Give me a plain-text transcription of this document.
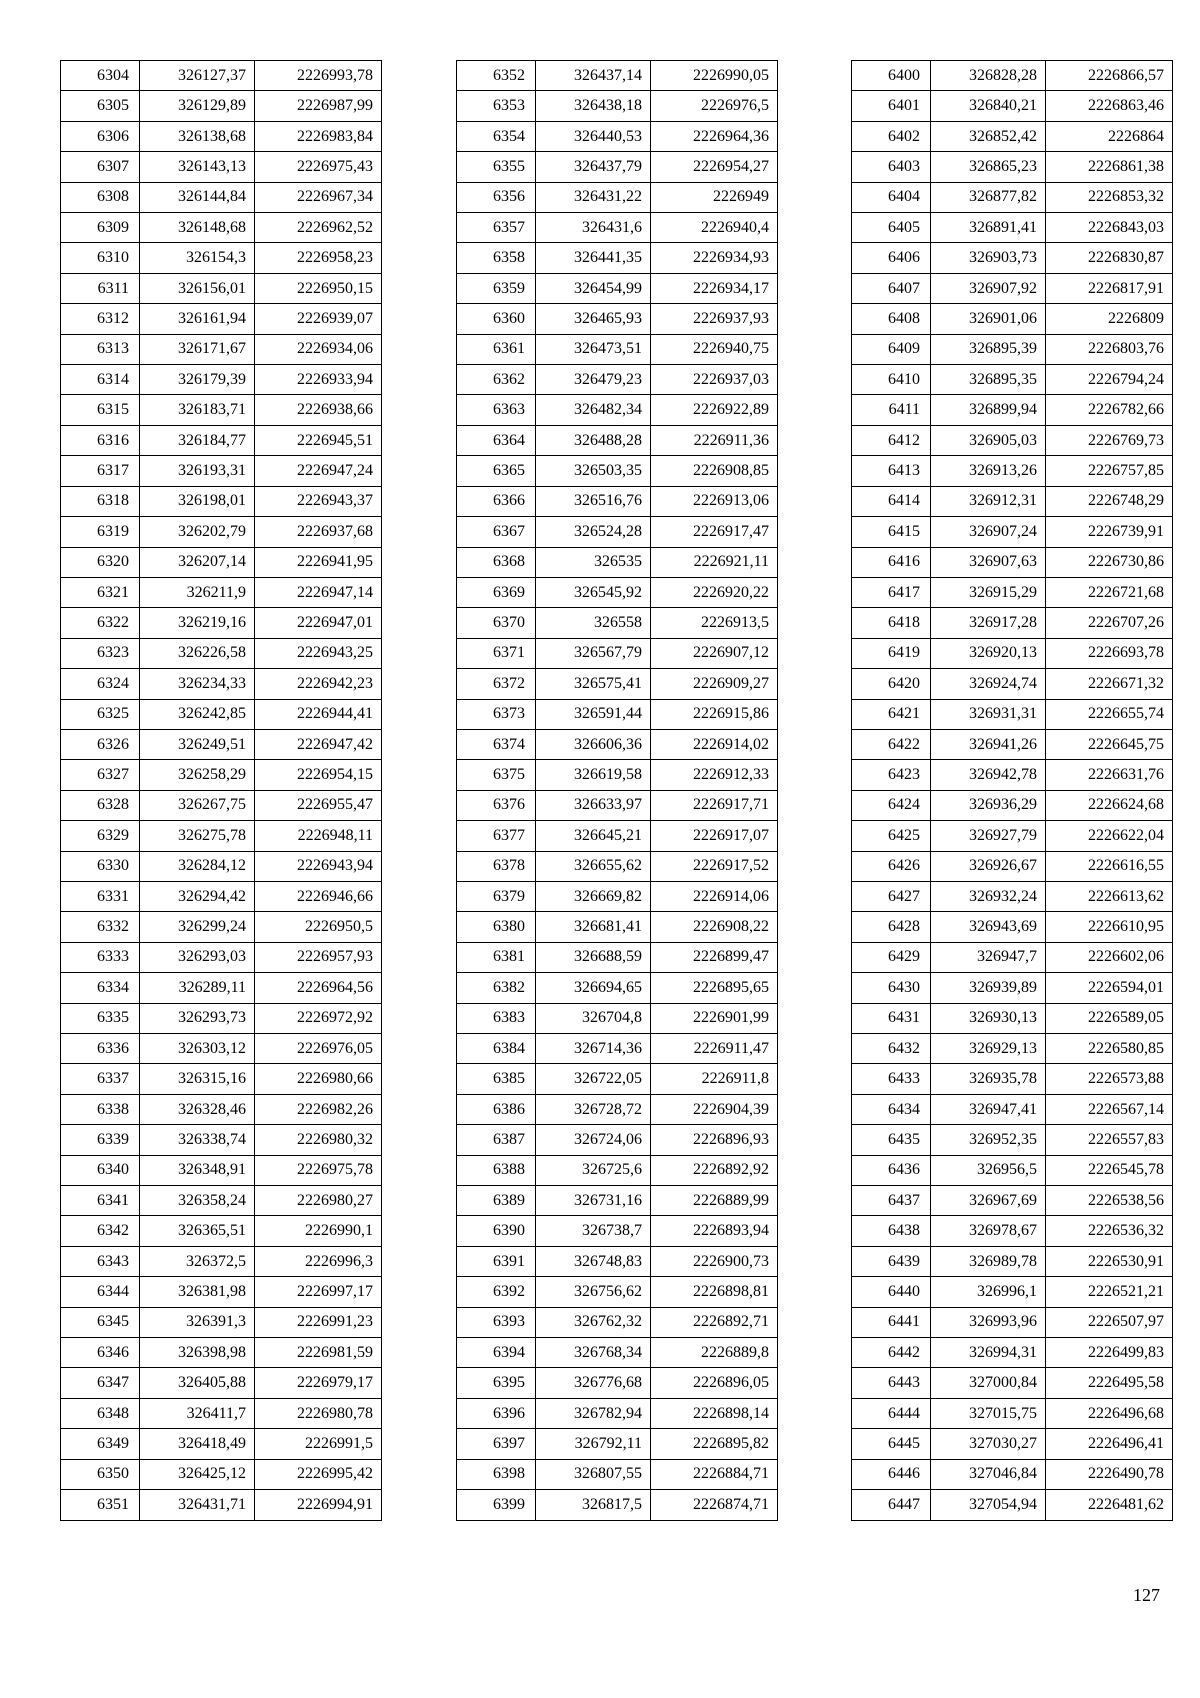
6304	326127,37	2226993,78
6305	326129,89	2226987,99
6306	326138,68	2226983,84
6307	326143,13	2226975,43
6308	326144,84	2226967,34
6309	326148,68	2226962,52
6310	326154,3	2226958,23
6311	326156,01	2226950,15
6312	326161,94	2226939,07
6313	326171,67	2226934,06
6314	326179,39	2226933,94
6315	326183,71	2226938,66
6316	326184,77	2226945,51
6317	326193,31	2226947,24
6318	326198,01	2226943,37
6319	326202,79	2226937,68
6320	326207,14	2226941,95
6321	326211,9	2226947,14
6322	326219,16	2226947,01
6323	326226,58	2226943,25
6324	326234,33	2226942,23
6325	326242,85	2226944,41
6326	326249,51	2226947,42
6327	326258,29	2226954,15
6328	326267,75	2226955,47
6329	326275,78	2226948,11
6330	326284,12	2226943,94
6331	326294,42	2226946,66
6332	326299,24	2226950,5
6333	326293,03	2226957,93
6334	326289,11	2226964,56
6335	326293,73	2226972,92
6336	326303,12	2226976,05
6337	326315,16	2226980,66
6338	326328,46	2226982,26
6339	326338,74	2226980,32
6340	326348,91	2226975,78
6341	326358,24	2226980,27
6342	326365,51	2226990,1
6343	326372,5	2226996,3
6344	326381,98	2226997,17
6345	326391,3	2226991,23
6346	326398,98	2226981,59
6347	326405,88	2226979,17
6348	326411,7	2226980,78
6349	326418,49	2226991,5
6350	326425,12	2226995,42
6351	326431,71	2226994,91
6352	326437,14	2226990,05
6353	326438,18	2226976,5
6354	326440,53	2226964,36
6355	326437,79	2226954,27
6356	326431,22	2226949
6357	326431,6	2226940,4
6358	326441,35	2226934,93
6359	326454,99	2226934,17
6360	326465,93	2226937,93
6361	326473,51	2226940,75
6362	326479,23	2226937,03
6363	326482,34	2226922,89
6364	326488,28	2226911,36
6365	326503,35	2226908,85
6366	326516,76	2226913,06
6367	326524,28	2226917,47
6368	326535	2226921,11
6369	326545,92	2226920,22
6370	326558	2226913,5
6371	326567,79	2226907,12
6372	326575,41	2226909,27
6373	326591,44	2226915,86
6374	326606,36	2226914,02
6375	326619,58	2226912,33
6376	326633,97	2226917,71
6377	326645,21	2226917,07
6378	326655,62	2226917,52
6379	326669,82	2226914,06
6380	326681,41	2226908,22
6381	326688,59	2226899,47
6382	326694,65	2226895,65
6383	326704,8	2226901,99
6384	326714,36	2226911,47
6385	326722,05	2226911,8
6386	326728,72	2226904,39
6387	326724,06	2226896,93
6388	326725,6	2226892,92
6389	326731,16	2226889,99
6390	326738,7	2226893,94
6391	326748,83	2226900,73
6392	326756,62	2226898,81
6393	326762,32	2226892,71
6394	326768,34	2226889,8
6395	326776,68	2226896,05
6396	326782,94	2226898,14
6397	326792,11	2226895,82
6398	326807,55	2226884,71
6399	326817,5	2226874,71
6400	326828,28	2226866,57
6401	326840,21	2226863,46
6402	326852,42	2226864
6403	326865,23	2226861,38
6404	326877,82	2226853,32
6405	326891,41	2226843,03
6406	326903,73	2226830,87
6407	326907,92	2226817,91
6408	326901,06	2226809
6409	326895,39	2226803,76
6410	326895,35	2226794,24
6411	326899,94	2226782,66
6412	326905,03	2226769,73
6413	326913,26	2226757,85
6414	326912,31	2226748,29
6415	326907,24	2226739,91
6416	326907,63	2226730,86
6417	326915,29	2226721,68
6418	326917,28	2226707,26
6419	326920,13	2226693,78
6420	326924,74	2226671,32
6421	326931,31	2226655,74
6422	326941,26	2226645,75
6423	326942,78	2226631,76
6424	326936,29	2226624,68
6425	326927,79	2226622,04
6426	326926,67	2226616,55
6427	326932,24	2226613,62
6428	326943,69	2226610,95
6429	326947,7	2226602,06
6430	326939,89	2226594,01
6431	326930,13	2226589,05
6432	326929,13	2226580,85
6433	326935,78	2226573,88
6434	326947,41	2226567,14
6435	326952,35	2226557,83
6436	326956,5	2226545,78
6437	326967,69	2226538,56
6438	326978,67	2226536,32
6439	326989,78	2226530,91
6440	326996,1	2226521,21
6441	326993,96	2226507,97
6442	326994,31	2226499,83
6443	327000,84	2226495,58
6444	327015,75	2226496,68
6445	327030,27	2226496,41
6446	327046,84	2226490,78
6447	327054,94	2226481,62
127
